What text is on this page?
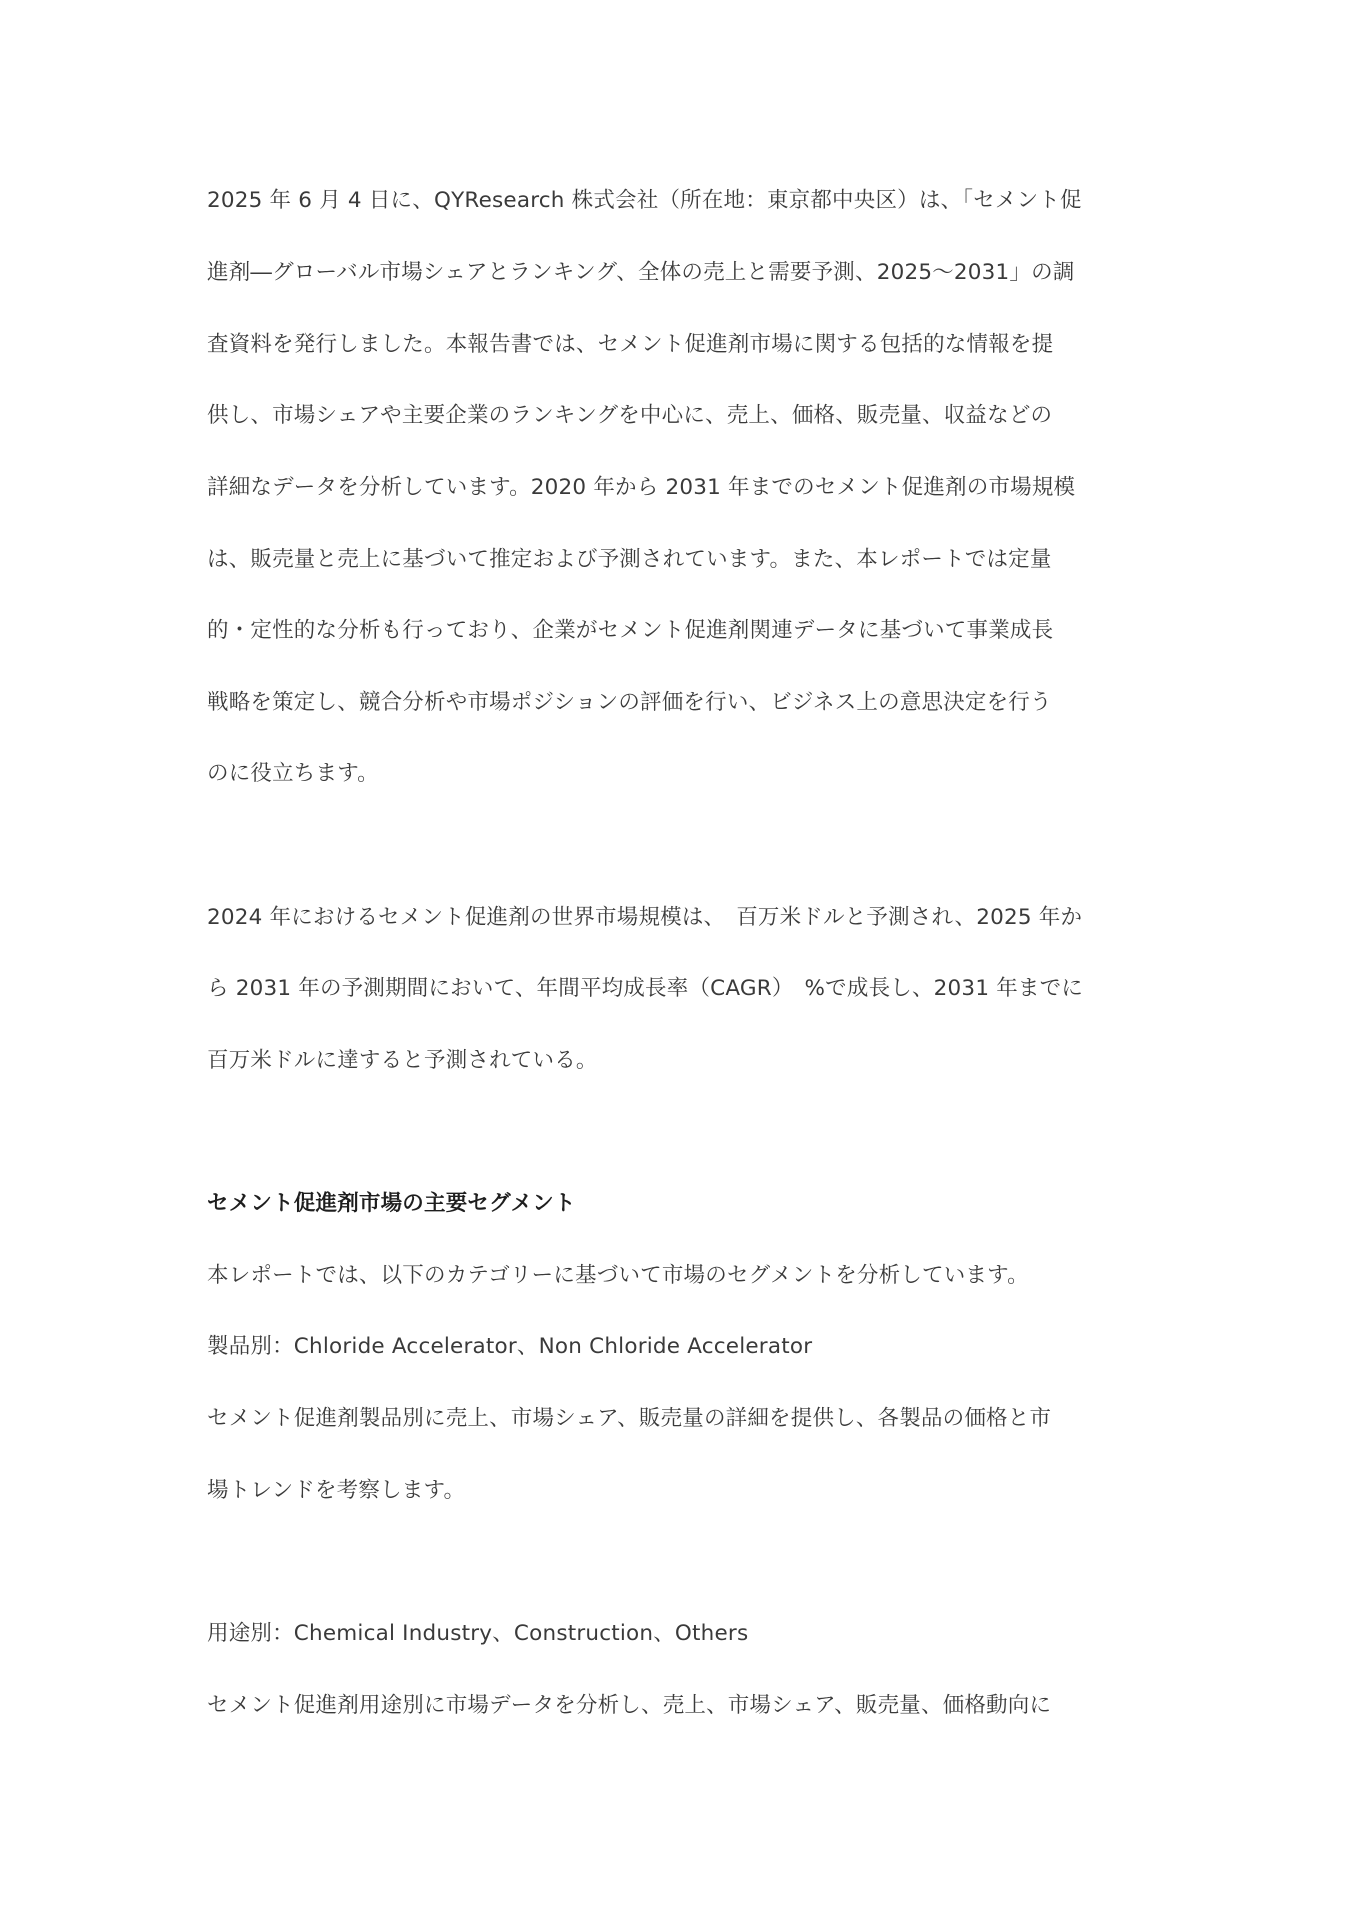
2025 年 6 月 4 日に、QYResearch 株式会社（所在地：東京都中央区）は、「セメント促
進剤―グローバル市場シェアとランキング、全体の売上と需要予測、2025～2031」の調
査資料を発行しました。本報告書では、セメント促進剤市場に関する包括的な情報を提
供し、市場シェアや主要企業のランキングを中心に、売上、価格、販売量、収益などの
詳細なデータを分析しています。2020 年から 2031 年までのセメント促進剤の市場規模
は、販売量と売上に基づいて推定および予測されています。また、本レポートでは定量
的・定性的な分析も行っており、企業がセメント促進剤関連データに基づいて事業成長
戦略を策定し、競合分析や市場ポジションの評価を行い、ビジネス上の意思決定を行う
のに役立ちます。
2024 年におけるセメント促進剤の世界市場規模は、　百万米ドルと予測され、2025 年か
ら 2031 年の予測期間において、年間平均成長率（CAGR）　%で成長し、2031 年までに
百万米ドルに達すると予測されている。
セメント促進剤市場の主要セグメント
本レポートでは、以下のカテゴリーに基づいて市場のセグメントを分析しています。
製品別：Chloride Accelerator、Non Chloride Accelerator
セメント促進剤製品別に売上、市場シェア、販売量の詳細を提供し、各製品の価格と市
場トレンドを考察します。
用途別：Chemical Industry、Construction、Others
セメント促進剤用途別に市場データを分析し、売上、市場シェア、販売量、価格動向に
